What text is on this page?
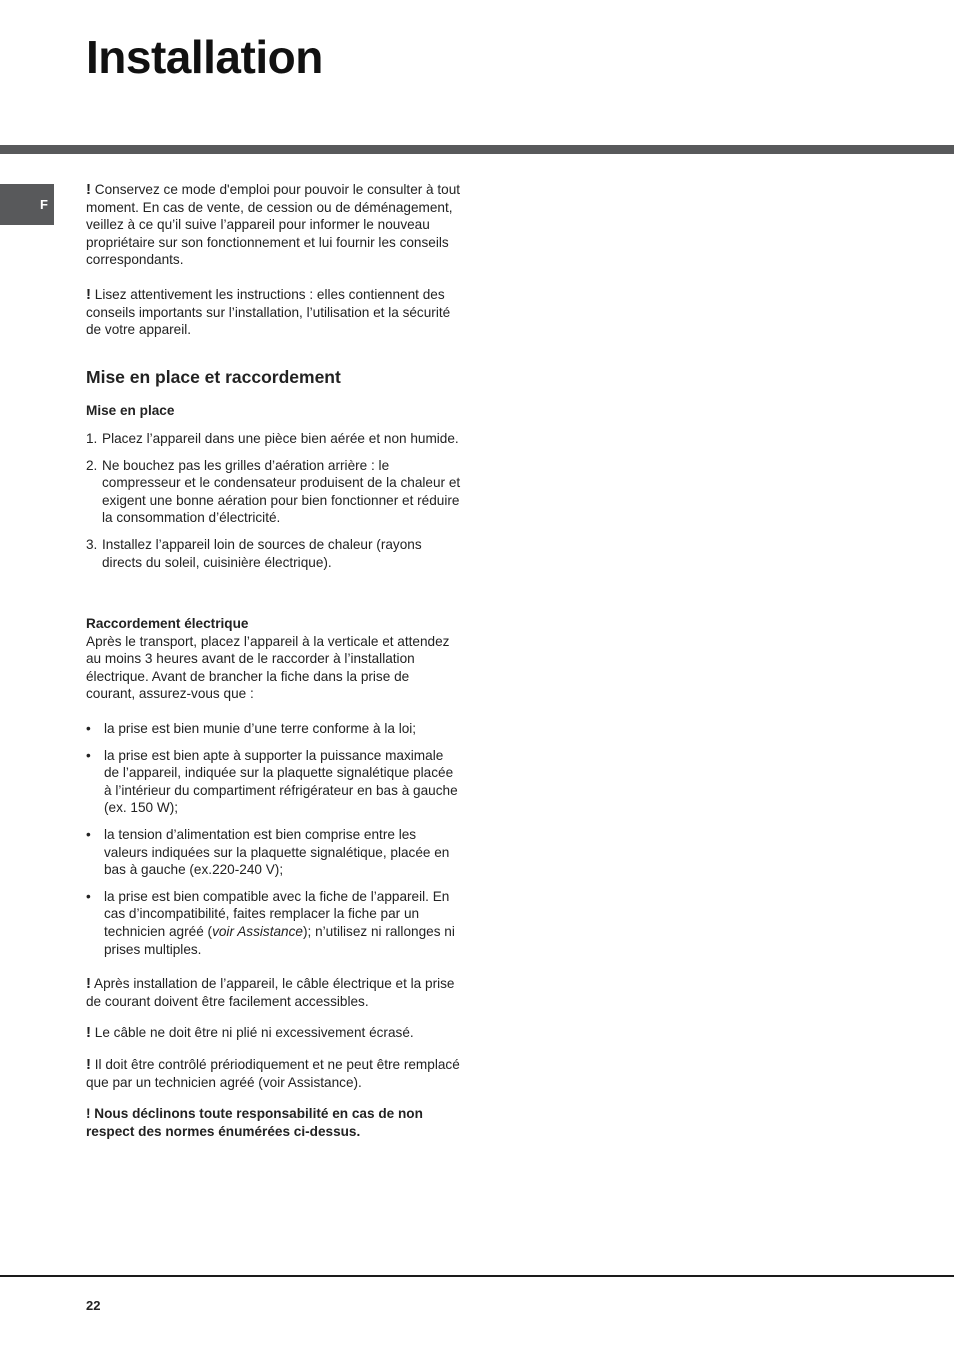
Installation
F

! Conservez ce mode d'emploi pour pouvoir le consulter à tout moment. En cas de vente, de cession ou de déménagement, veillez à ce qu’il suive l’appareil pour informer le nouveau propriétaire sur son fonctionnement et lui fournir les conseils correspondants.

! Lisez attentivement les instructions : elles contiennent des conseils importants sur l’installation, l’utilisation et la sécurité de votre appareil.

Mise en place et raccordement
Mise en place
1. Placez l’appareil dans une pièce bien aérée et non humide.
2. Ne bouchez pas les grilles d’aération arrière : le compresseur et le condensateur produisent de la chaleur et exigent une bonne aération pour bien fonctionner et réduire la consommation d’électricité.
3. Installez l’appareil loin de sources de chaleur (rayons directs du soleil, cuisinière électrique).
Raccordement électrique

Après le transport, placez l’appareil à la verticale et attendez au moins 3 heures avant de le raccorder à l’installation électrique. Avant de brancher la fiche dans la prise de courant, assurez-vous que :

• la prise est bien munie d’une terre conforme à la loi;
• la prise est bien apte à supporter la puissance maximale de l’appareil, indiquée sur la plaquette signalétique placée à l’intérieur du compartiment réfrigérateur en bas à gauche (ex. 150 W);
• la tension d’alimentation est bien comprise entre les valeurs indiquées sur la plaquette signalétique, placée en bas à gauche (ex.220-240 V);
• la prise est bien compatible avec la fiche de l’appareil. En cas d’incompatibilité, faites remplacer la fiche par un technicien agréé (voir Assistance); n’utilisez ni rallonges ni prises multiples.

! Après installation de l’appareil, le câble électrique et la prise de courant doivent être facilement accessibles.

! Le câble ne doit être ni plié ni excessivement écrasé.

! Il doit être contrôlé prériodiquement et ne peut être remplacé que par un technicien agréé (voir Assistance).

! Nous déclinons toute responsabilité en cas de non respect des normes énumérées ci-dessus.

22
